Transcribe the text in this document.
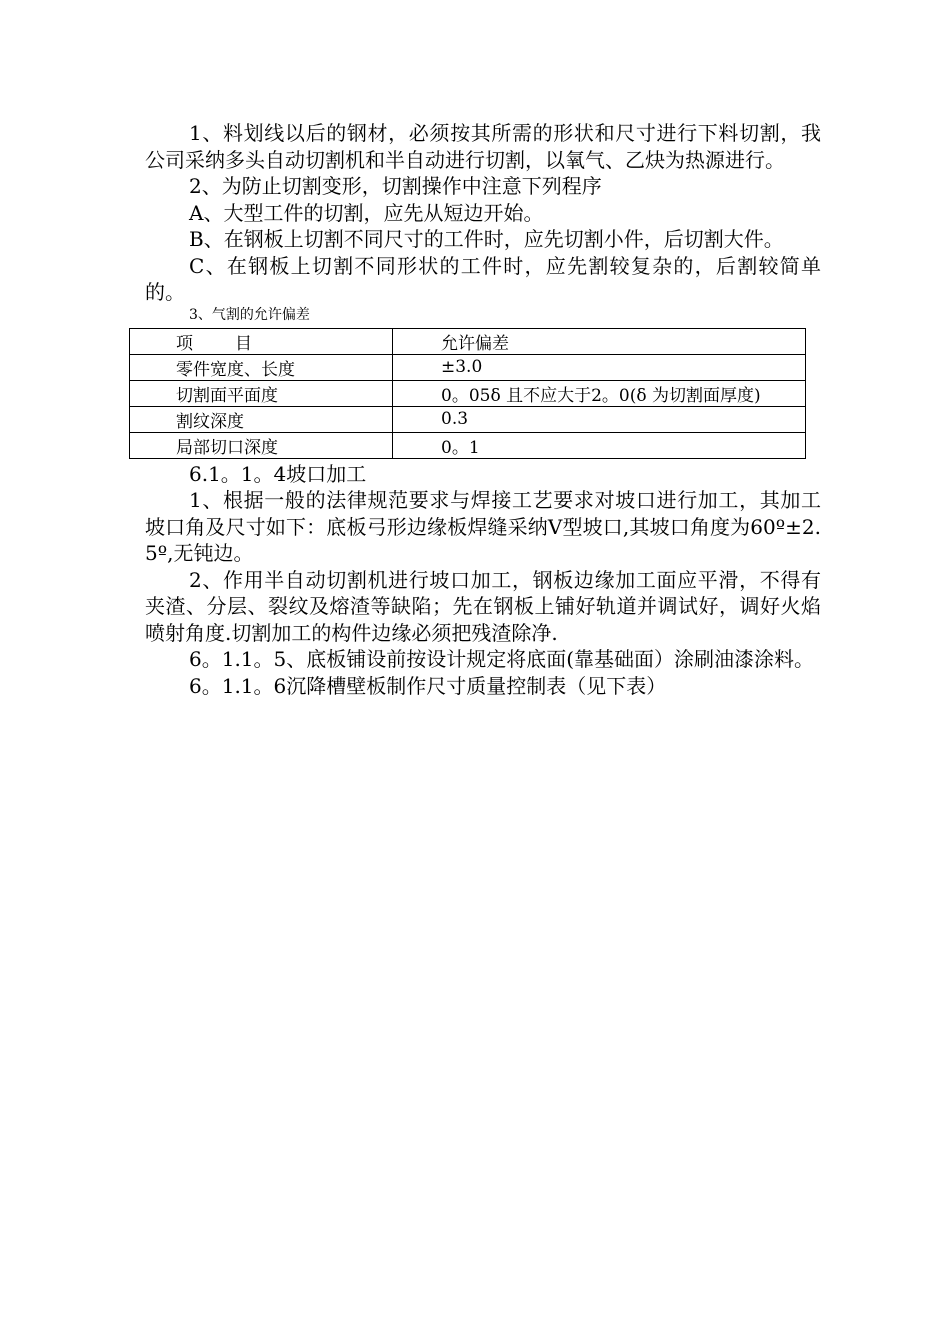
1、料划线以后的钢材，必须按其所需的形状和尺寸进行下料切割，我公司采纳多头自动切割机和半自动进行切割，以氧气、乙炔为热源进行。

2、为防止切割变形，切割操作中注意下列程序

A、大型工件的切割，应先从短边开始。

B、在钢板上切割不同尺寸的工件时，应先切割小件，后切割大件。

C、在钢板上切割不同形状的工件时，应先割较复杂的，后割较简单的。

3、气割的允许偏差

项 目	允许偏差
零件宽度、长度	±3.0
切割面平面度	0。05δ 且不应大于2。0(δ 为切割面厚度)
割纹深度	0.3
局部切口深度	0。1

6.1。1。4坡口加工

1、根据一般的法律规范要求与焊接工艺要求对坡口进行加工，其加工坡口角及尺寸如下：底板弓形边缘板焊缝采纳Ⅴ型坡口,其坡口角度为60º±2.5º,无钝边。

2、作用半自动切割机进行坡口加工，钢板边缘加工面应平滑，不得有夹渣、分层、裂纹及熔渣等缺陷；先在钢板上铺好轨道并调试好，调好火焰喷射角度.切割加工的构件边缘必须把残渣除净.

6。1.1。5、底板铺设前按设计规定将底面(靠基础面）涂刷油漆涂料。

6。1.1。6沉降槽壁板制作尺寸质量控制表（见下表）
